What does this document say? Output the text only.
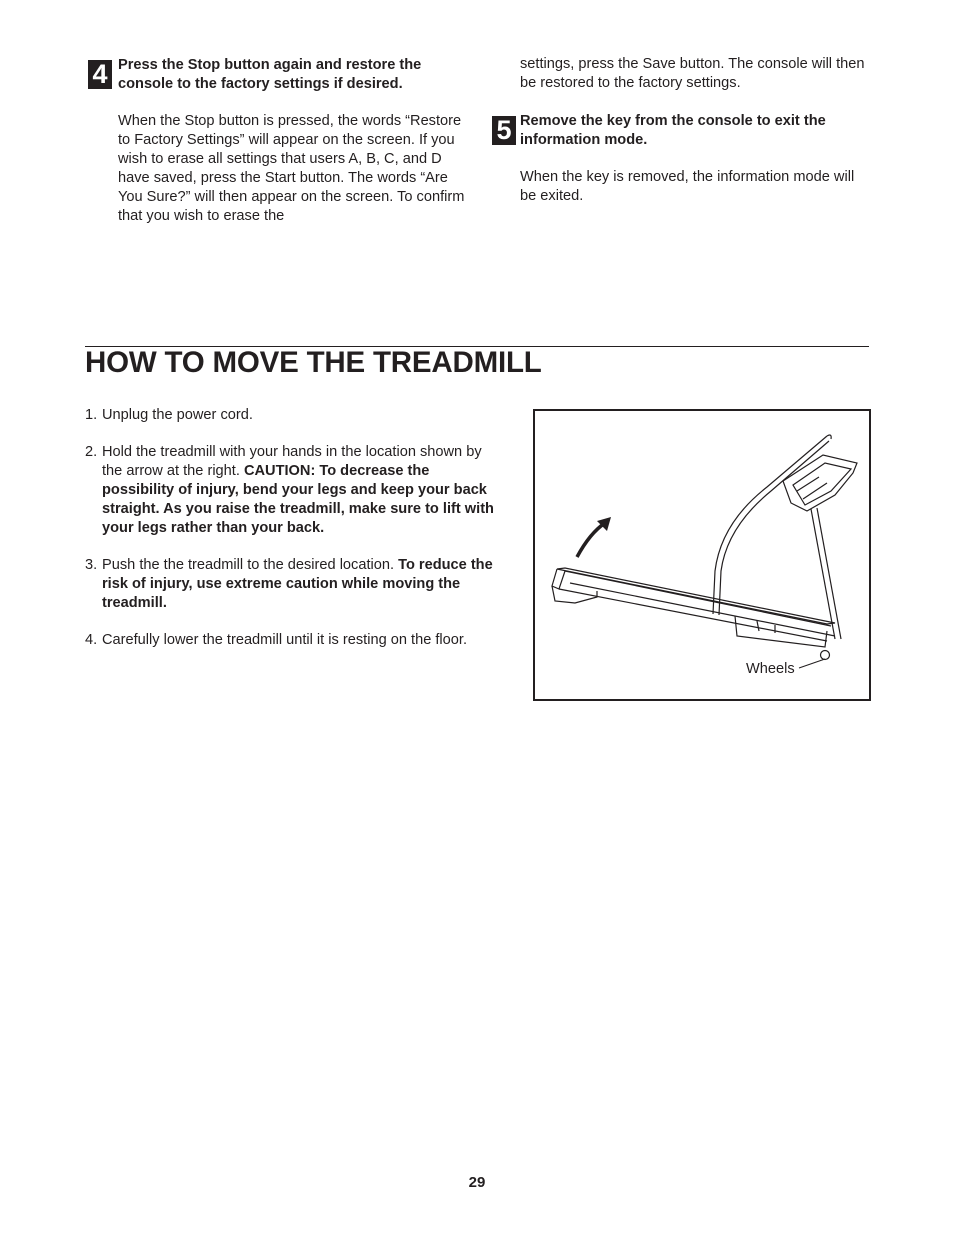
4 Press the Stop button again and restore the console to the factory settings if desired.
When the Stop button is pressed, the words “Restore to Factory Settings” will appear on the screen. If you wish to erase all settings that users A, B, C, and D have saved, press the Start button. The words “Are You Sure?” will then appear on the screen. To confirm that you wish to erase the
settings, press the Save button. The console will then be restored to the factory settings.
5 Remove the key from the console to exit the information mode.
When the key is removed, the information mode will be exited.
HOW TO MOVE THE TREADMILL
1. Unplug the power cord.
2. Hold the treadmill with your hands in the location shown by the arrow at the right. CAUTION: To decrease the possibility of injury, bend your legs and keep your back straight. As you raise the treadmill, make sure to lift with your legs rather than your back.
3. Push the the treadmill to the desired location. To reduce the risk of injury, use extreme caution while moving the treadmill.
4. Carefully lower the treadmill until it is resting on the floor.
Wheels
29
